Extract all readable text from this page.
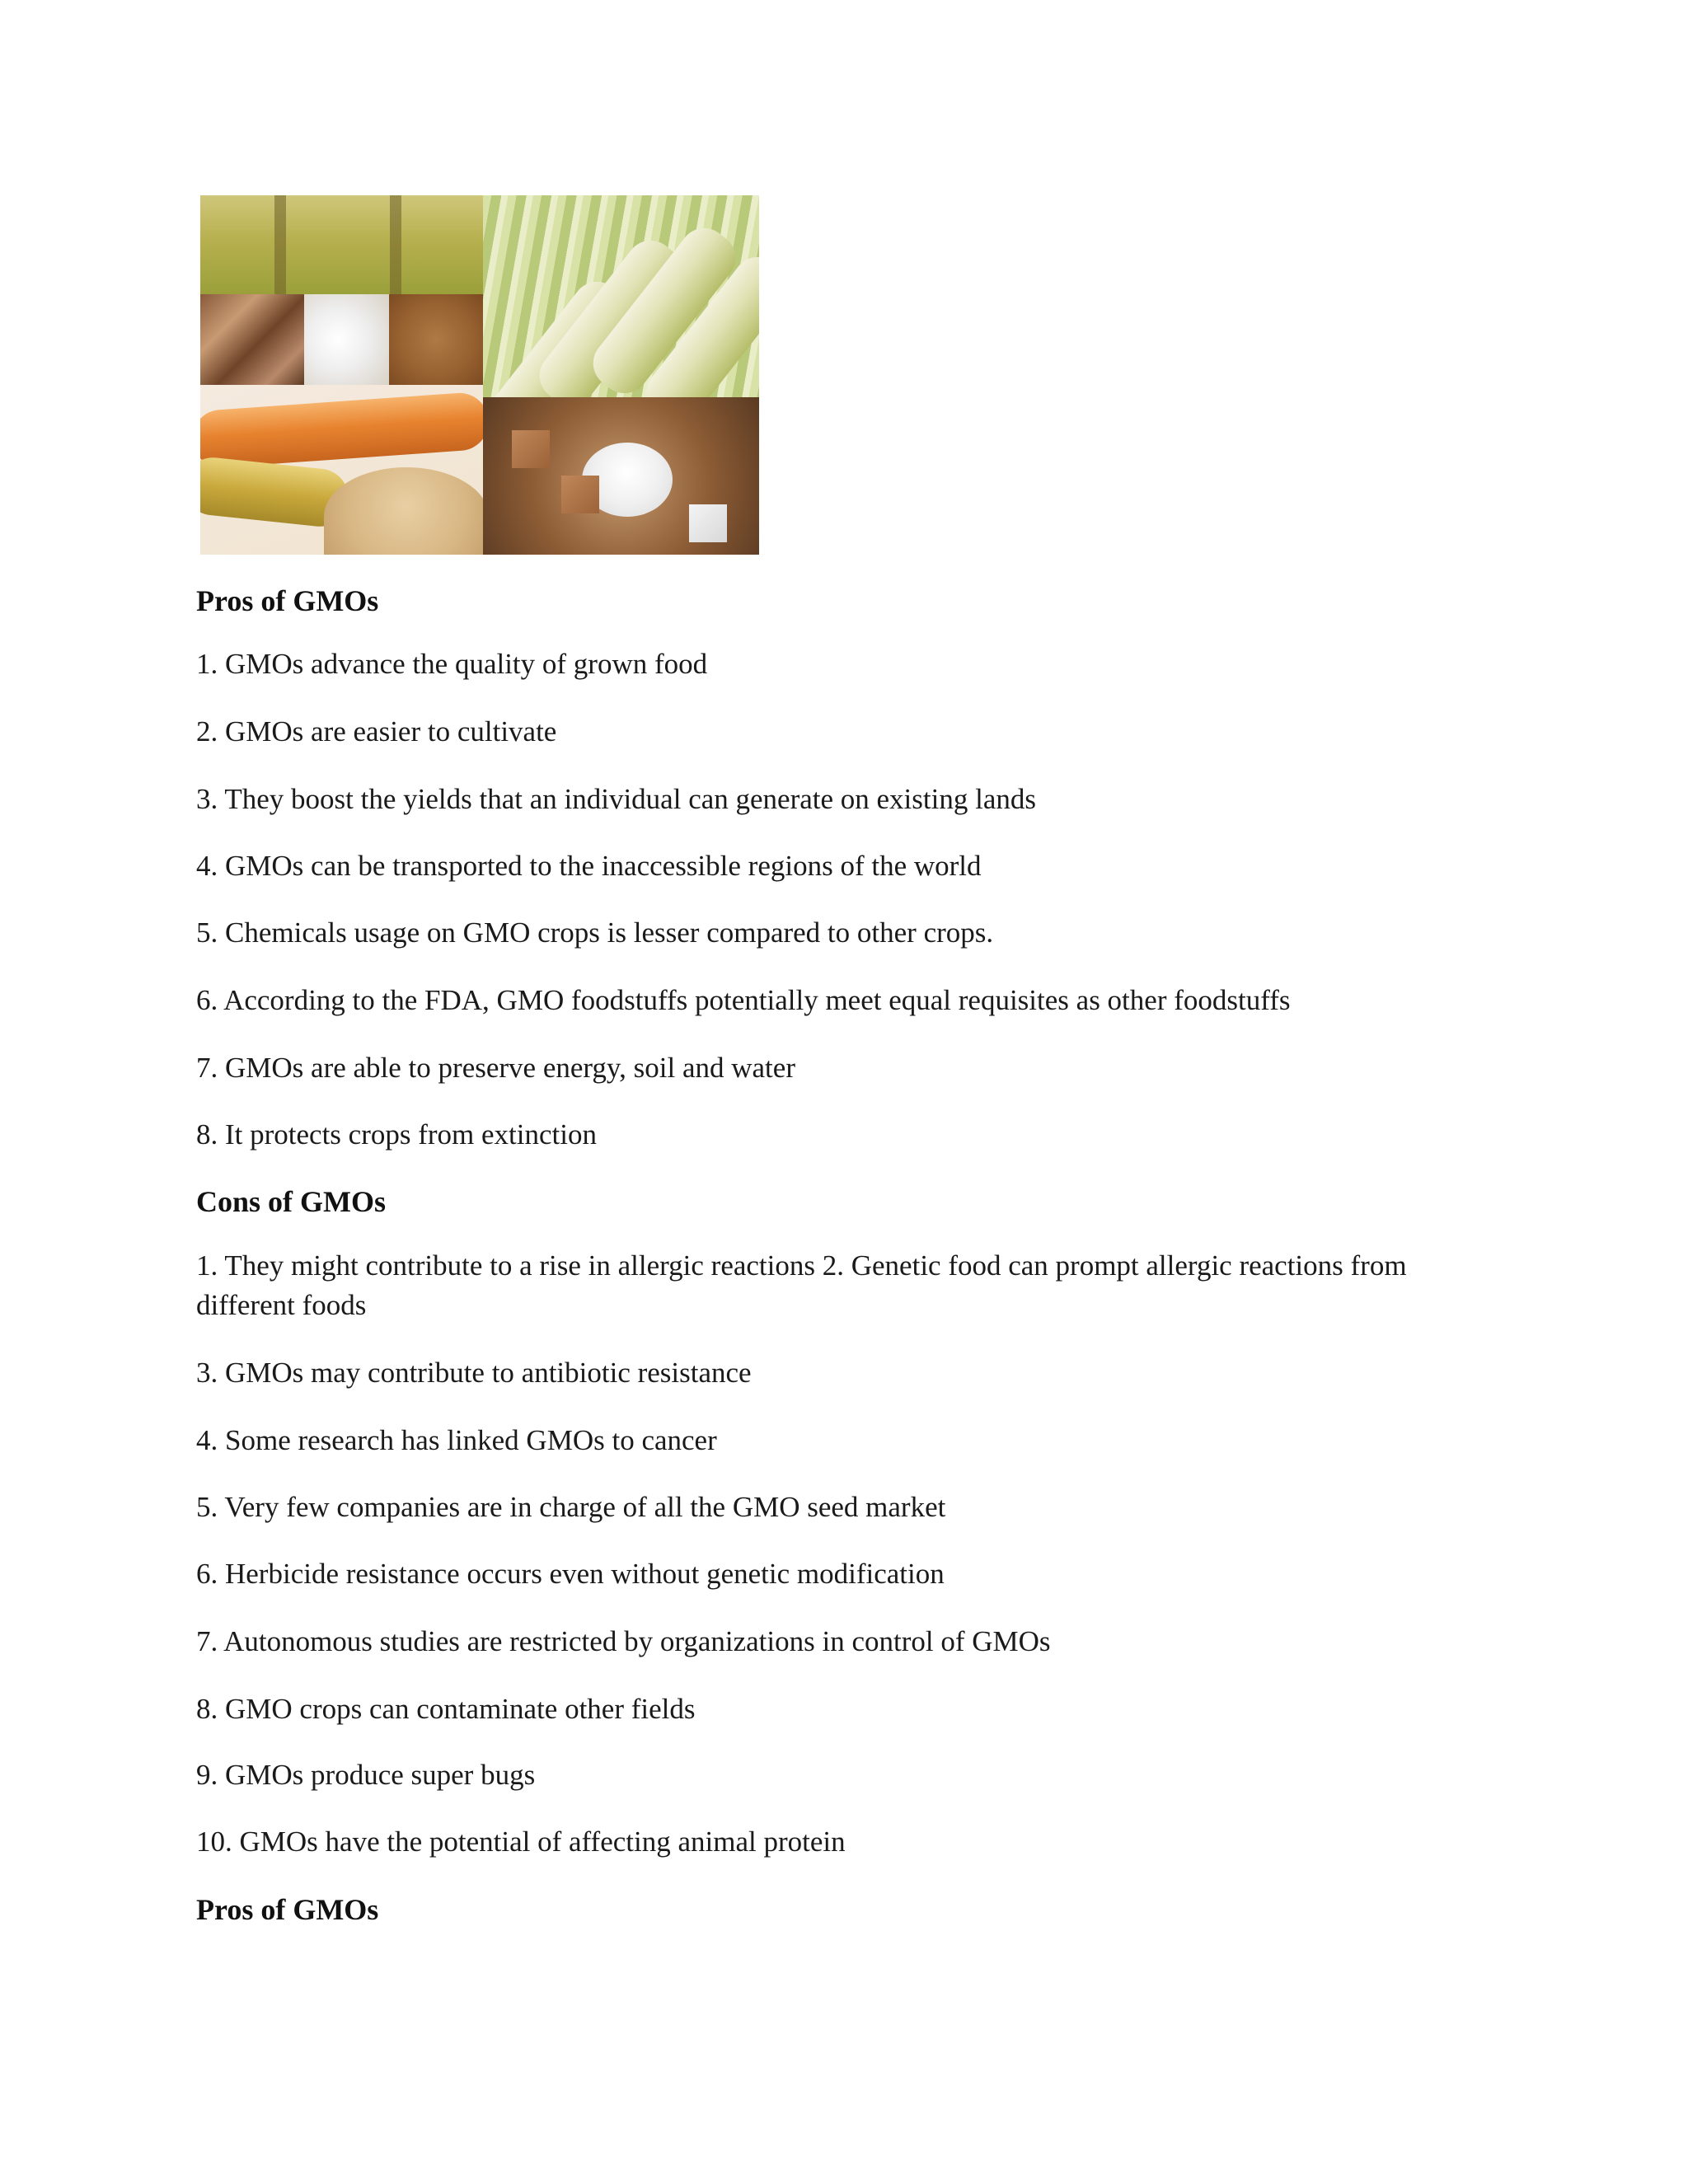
Pros of GMOs

1. GMOs advance the quality of grown food

2. GMOs are easier to cultivate

3. They boost the yields that an individual can generate on existing lands

4. GMOs can be transported to the inaccessible regions of the world

5. Chemicals usage on GMO crops is lesser compared to other crops.

6. According to the FDA, GMO foodstuffs potentially meet equal requisites as other foodstuffs

7. GMOs are able to preserve energy, soil and water

8. It protects crops from extinction

Cons of GMOs

1. They might contribute to a rise in allergic reactions 2. Genetic food can prompt allergic reactions from different foods

3. GMOs may contribute to antibiotic resistance

4. Some research has linked GMOs to cancer

5. Very few companies are in charge of all the GMO seed market

6. Herbicide resistance occurs even without genetic modification

7. Autonomous studies are restricted by organizations in control of GMOs

8. GMO crops can contaminate other fields

9. GMOs produce super bugs

10. GMOs have the potential of affecting animal protein

Pros of GMOs
